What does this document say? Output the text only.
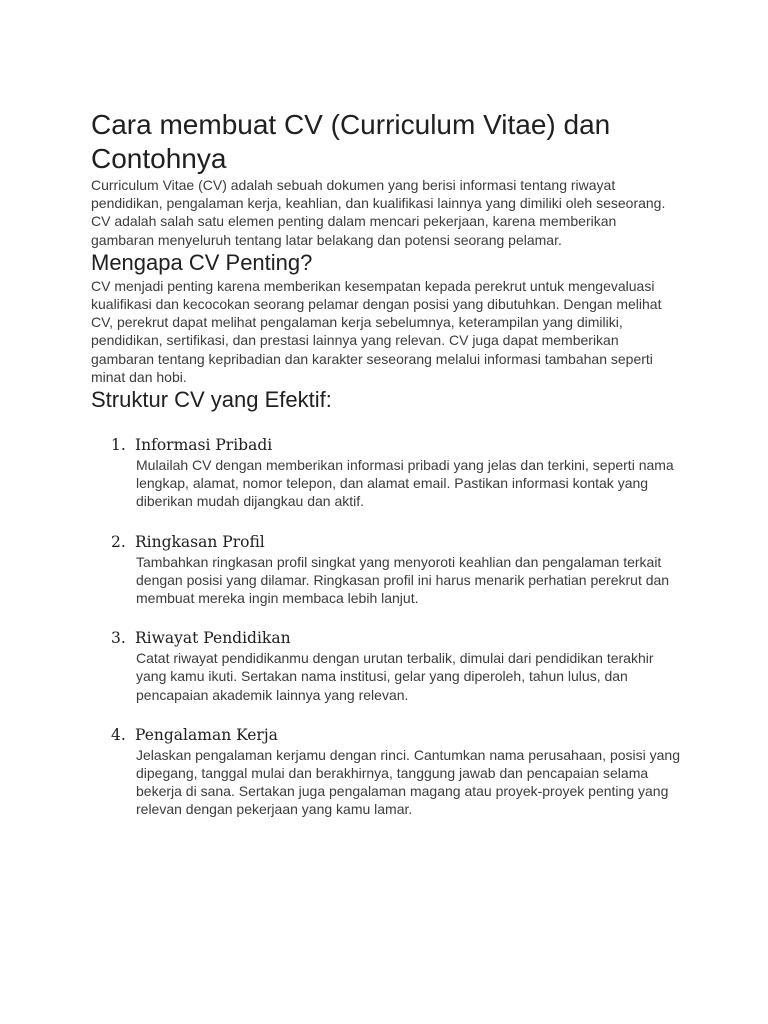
Cara membuat CV (Curriculum Vitae) dan Contohnya

Curriculum Vitae (CV) adalah sebuah dokumen yang berisi informasi tentang riwayat pendidikan, pengalaman kerja, keahlian, dan kualifikasi lainnya yang dimiliki oleh seseorang. CV adalah salah satu elemen penting dalam mencari pekerjaan, karena memberikan gambaran menyeluruh tentang latar belakang dan potensi seorang pelamar.

Mengapa CV Penting?

CV menjadi penting karena memberikan kesempatan kepada perekrut untuk mengevaluasi kualifikasi dan kecocokan seorang pelamar dengan posisi yang dibutuhkan. Dengan melihat CV, perekrut dapat melihat pengalaman kerja sebelumnya, keterampilan yang dimiliki, pendidikan, sertifikasi, dan prestasi lainnya yang relevan. CV juga dapat memberikan gambaran tentang kepribadian dan karakter seseorang melalui informasi tambahan seperti minat dan hobi.

Struktur CV yang Efektif:
1. Informasi Pribadi

Mulailah CV dengan memberikan informasi pribadi yang jelas dan terkini, seperti nama lengkap, alamat, nomor telepon, dan alamat email. Pastikan informasi kontak yang diberikan mudah dijangkau dan aktif.

2. Ringkasan Profil

Tambahkan ringkasan profil singkat yang menyoroti keahlian dan pengalaman terkait dengan posisi yang dilamar. Ringkasan profil ini harus menarik perhatian perekrut dan membuat mereka ingin membaca lebih lanjut.

3. Riwayat Pendidikan

Catat riwayat pendidikanmu dengan urutan terbalik, dimulai dari pendidikan terakhir yang kamu ikuti. Sertakan nama institusi, gelar yang diperoleh, tahun lulus, dan pencapaian akademik lainnya yang relevan.

4. Pengalaman Kerja

Jelaskan pengalaman kerjamu dengan rinci. Cantumkan nama perusahaan, posisi yang dipegang, tanggal mulai dan berakhirnya, tanggung jawab dan pencapaian selama bekerja di sana. Sertakan juga pengalaman magang atau proyek-proyek penting yang relevan dengan pekerjaan yang kamu lamar.
